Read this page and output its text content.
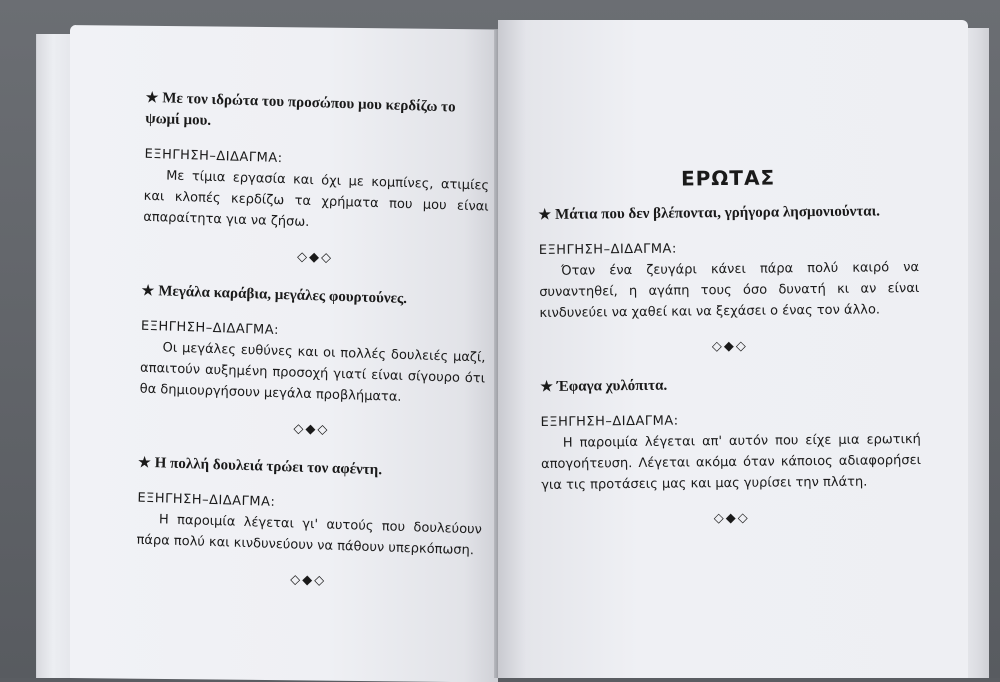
★ Με τον ιδρώτα του προσώπου μου κερδίζω το ψωμί μου.

ΕΞΗΓΗΣΗ–ΔΙΔΑΓΜΑ:

Με τίμια εργασία και όχι με κομπίνες, ατιμίες και κλοπές κερδίζω τα χρήματα που μου είναι απαραίτητα για να ζήσω.

◇◆◇

★ Μεγάλα καράβια, μεγάλες φουρτούνες.

ΕΞΗΓΗΣΗ–ΔΙΔΑΓΜΑ:

Οι μεγάλες ευθύνες και οι πολλές δουλειές μαζί, απαιτούν αυξημένη προσοχή γιατί είναι σίγουρο ότι θα δημιουργήσουν μεγάλα προβλήματα.

◇◆◇

★ Η πολλή δουλειά τρώει τον αφέντη.

ΕΞΗΓΗΣΗ–ΔΙΔΑΓΜΑ:

Η παροιμία λέγεται γι' αυτούς που δουλεύουν πάρα πολύ και κινδυνεύουν να πάθουν υπερκόπωση.

◇◆◇
ΕΡΩΤΑΣ

★ Μάτια που δεν βλέπονται, γρήγορα λησμονιούνται.

ΕΞΗΓΗΣΗ–ΔΙΔΑΓΜΑ:

Όταν ένα ζευγάρι κάνει πάρα πολύ καιρό να συναντηθεί, η αγάπη τους όσο δυνατή κι αν είναι κινδυνεύει να χαθεί και να ξεχάσει ο ένας τον άλλο.

◇◆◇

★ Έφαγα χυλόπιτα.

ΕΞΗΓΗΣΗ–ΔΙΔΑΓΜΑ:

Η παροιμία λέγεται απ' αυτόν που είχε μια ερωτική απογοήτευση. Λέγεται ακόμα όταν κάποιος αδιαφορήσει για τις προτάσεις μας και μας γυρίσει την πλάτη.

◇◆◇
